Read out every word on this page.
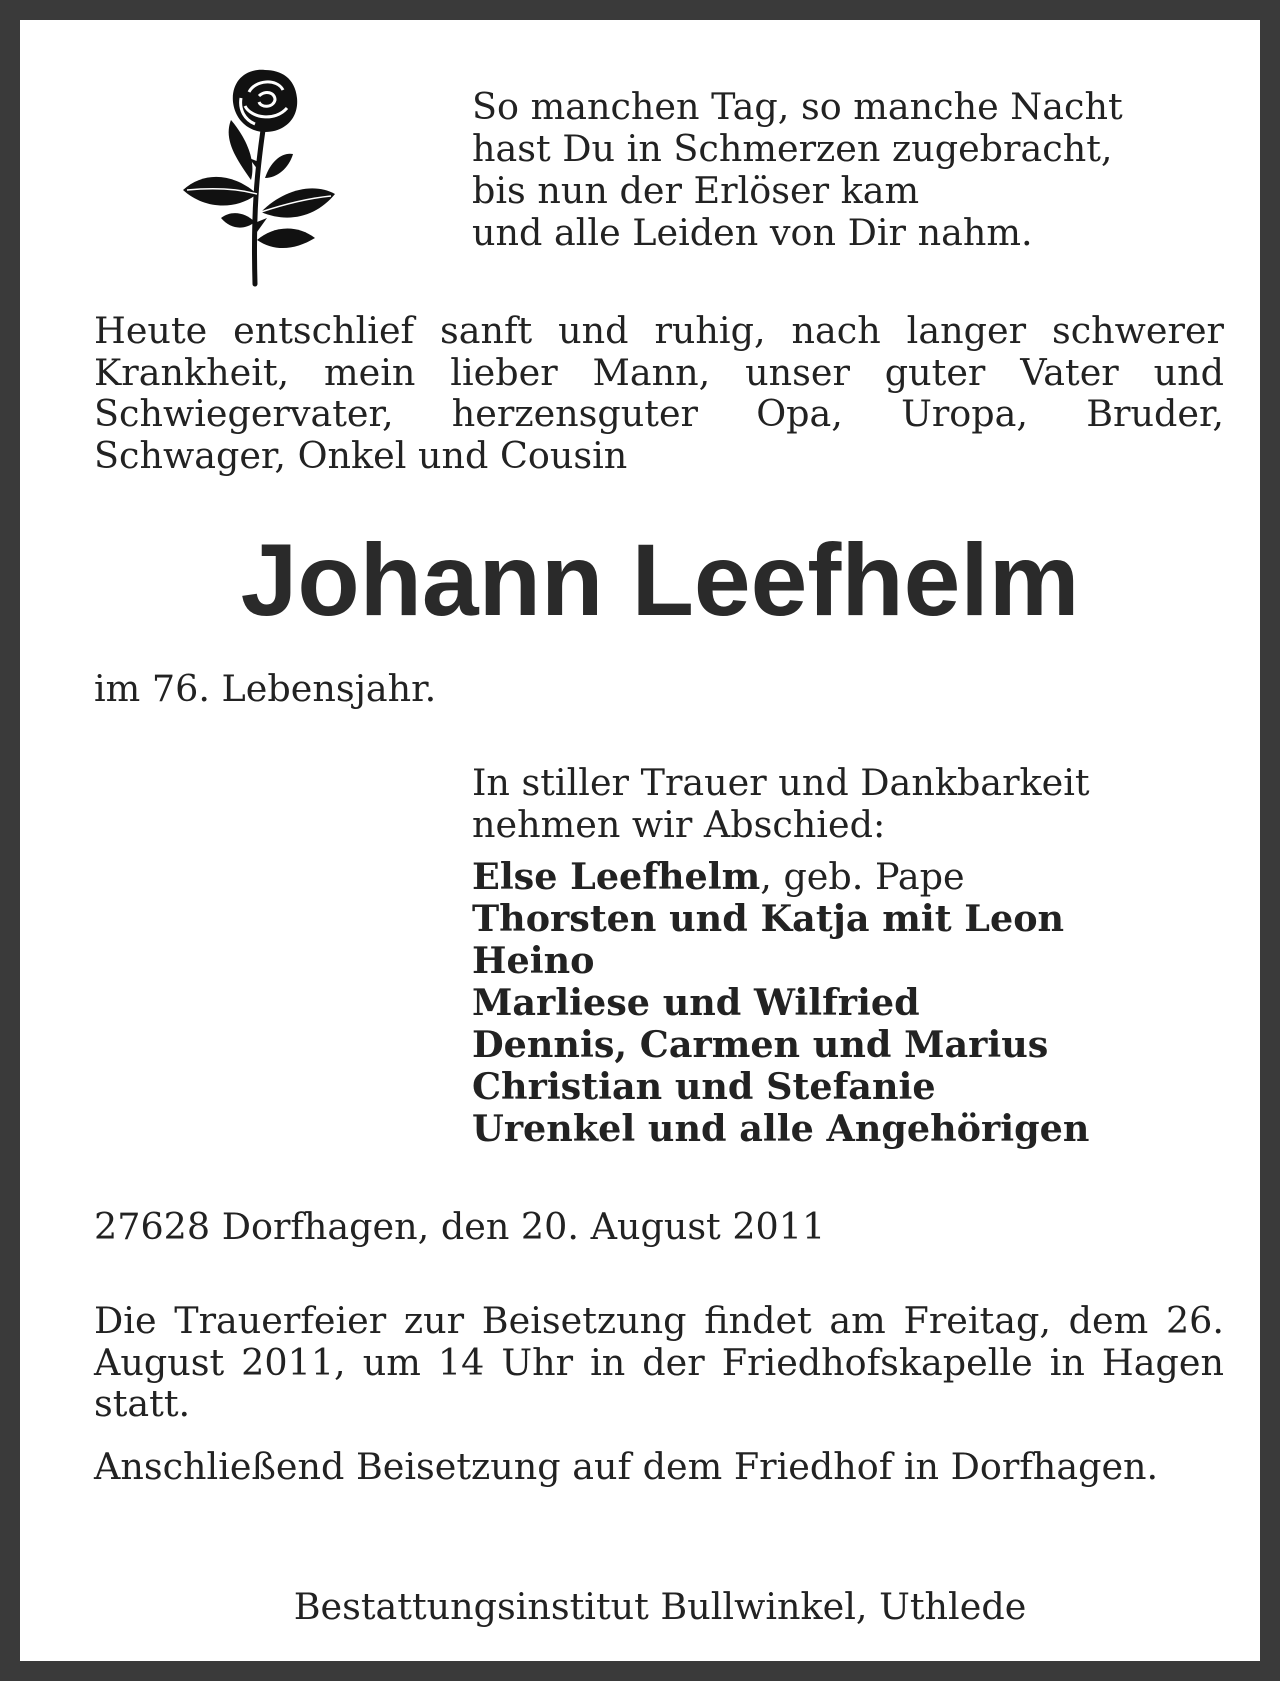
So manchen Tag, so manche Nacht
hast Du in Schmerzen zugebracht,
bis nun der Erlöser kam
und alle Leiden von Dir nahm.
Heute entschlief sanft und ruhig, nach langer schwerer Krankheit, mein lieber Mann, unser guter Vater und Schwiegervater, herzensguter Opa, Uropa, Bruder, Schwager, Onkel und Cousin
Johann Leefhelm
im 76. Lebensjahr.
In stiller Trauer und Dankbarkeit
nehmen wir Abschied:
Else Leefhelm, geb. Pape
Thorsten und Katja mit Leon
Heino
Marliese und Wilfried
Dennis, Carmen und Marius
Christian und Stefanie
Urenkel und alle Angehörigen
27628 Dorfhagen, den 20. August 2011
Die Trauerfeier zur Beisetzung findet am Freitag, dem 26. August 2011, um 14 Uhr in der Friedhofskapelle in Hagen statt.
Anschließend Beisetzung auf dem Friedhof in Dorfhagen.
Bestattungsinstitut Bullwinkel, Uthlede
